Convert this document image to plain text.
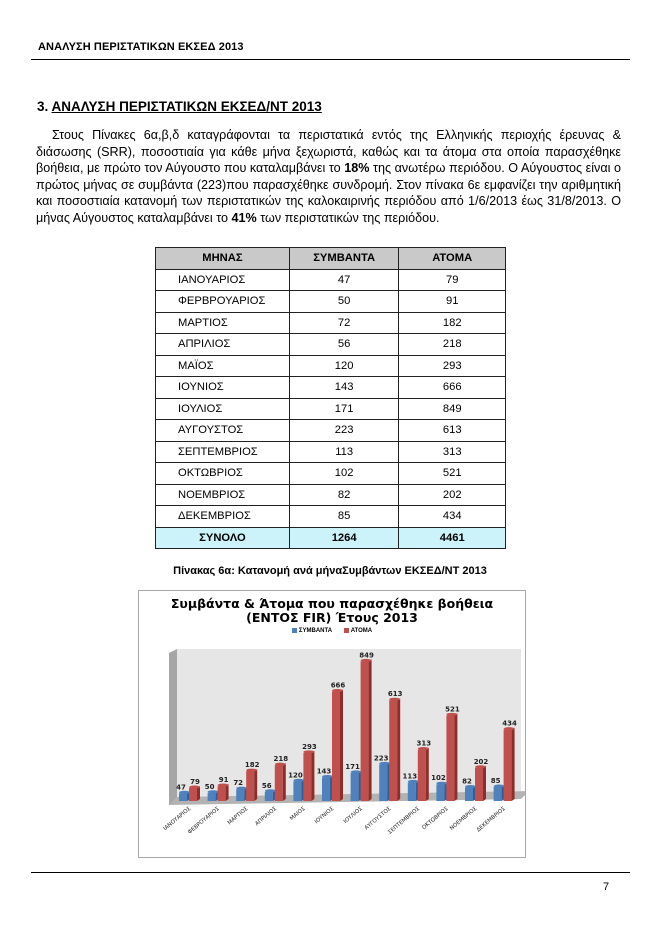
ΑΝΑΛΥΣΗ ΠΕΡΙΣΤΑΤΙΚΩΝ ΕΚΣΕΔ 2013
3. ΑΝΑΛΥΣΗ ΠΕΡΙΣΤΑΤΙΚΩΝ ΕΚΣΕΔ/ΝΤ 2013
Στους Πίνακες 6α,β,δ καταγράφονται τα περιστατικά εντός της Ελληνικής περιοχής έρευνας & διάσωσης (SRR), ποσοστιαία για κάθε μήνα ξεχωριστά, καθώς και τα άτομα στα οποία παρασχέθηκε βοήθεια, με πρώτο τον Αύγουστο που καταλαμβάνει το 18% της ανωτέρω περιόδου. Ο Αύγουστος είναι ο πρώτος μήνας σε συμβάντα (223)που παρασχέθηκε συνδρομή. Στον πίνακα 6ε εμφανίζει την αριθμητική και ποσοστιαία κατανομή των περιστατικών της καλοκαιρινής περιόδου από 1/6/2013 έως 31/8/2013. Ο μήνας Αύγουστος καταλαμβάνει το 41% των περιστατικών της περιόδου.
ΜΗΝΑΣ	ΣΥΜΒΑΝΤΑ	ΑΤΟΜΑ
ΙΑΝΟΥΑΡΙΟΣ	47	79
ΦΕΡΒΡΟΥΑΡΙΟΣ	50	91
ΜΑΡΤΙΟΣ	72	182
ΑΠΡΙΛΙΟΣ	56	218
ΜΑΪΟΣ	120	293
ΙΟΥΝΙΟΣ	143	666
ΙΟΥΛΙΟΣ	171	849
ΑΥΓΟΥΣΤΟΣ	223	613
ΣΕΠΤΕΜΒΡΙΟΣ	113	313
ΟΚΤΩΒΡΙΟΣ	102	521
ΝΟΕΜΒΡΙΟΣ	82	202
ΔΕΚΕΜΒΡΙΟΣ	85	434
ΣΥΝΟΛΟ	1264	4461
Πίνακας 6α: Κατανομή ανά μήναΣυμβάντων ΕΚΣΕΔ/ΝΤ 2013
47
79
ΙΑΝΟΥΑΡΙΟΣ
50
91
ΦΕΒΡΟΥΑΡΙΟΣ
72
182
ΜΑΡΤΙΟΣ
56
218
ΑΠΡΙΛΙΟΣ
120
293
ΜΑΙΟΣ
143
666
ΙΟΥΝΙΟΣ
171
849
ΙΟΥΛΙΟΣ
223
613
ΑΥΓΟΥΣΤΟΣ
113
313
ΣΕΠΤΕΜΒΡΙΟΣ
102
521
ΟΚΤΩΒΡΙΟΣ
82
202
ΝΟΕΜΒΡΙΟΣ
85
434
ΔΕΚΕΜΒΡΙΟΣ
Συμβάντα & Άτομα που παρασχέθηκε βοήθεια
(ΕΝΤΟΣ FIR) Έτους 2013
ΣΥΜΒΑΝΤΑ	ΑΤΟΜΑ
7
